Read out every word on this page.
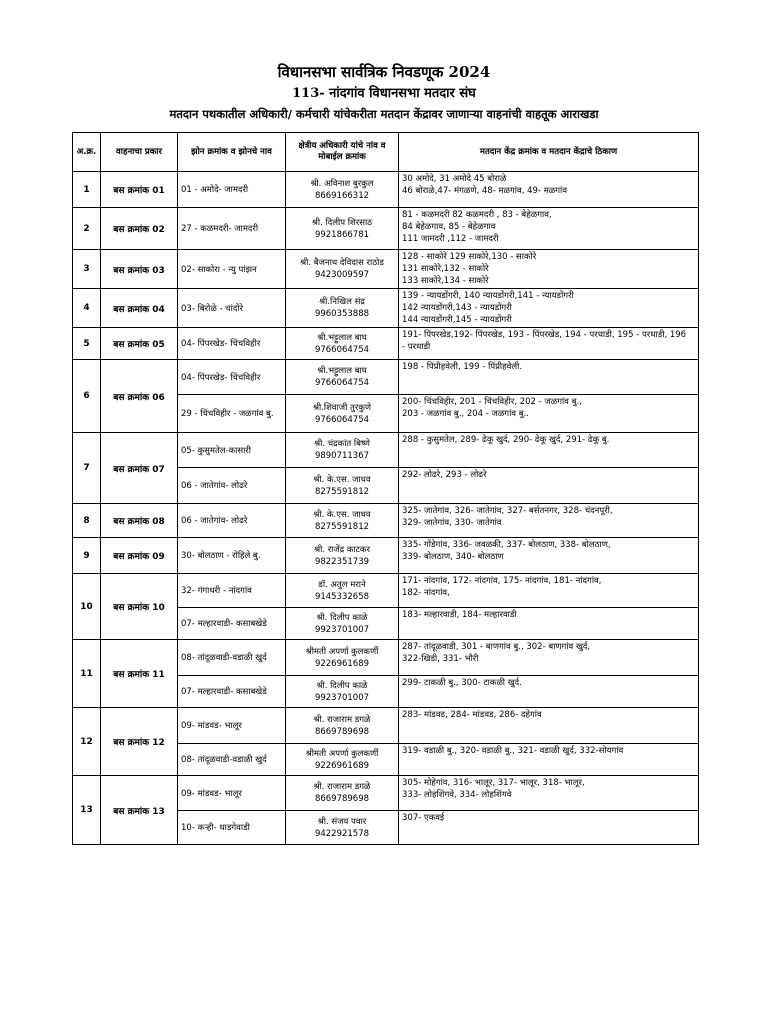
विधानसभा सार्वत्रिक निवडणूक 2024
113- नांदगांव विधानसभा मतदार संघ
मतदान पथकातील अधिकारी/ कर्मचारी यांचेकरीता मतदान केंद्रावर जाणाऱ्या वाहनांची वाहतूक आराखडा
अ.क्र.	वाहनाचा प्रकार	झोन क्रमांक व झोनचे नाव	क्षेत्रीय अधिकारी यांचे नांव व मोबाईल क्रमांक	मतदान केंद्र क्रमांक व मतदान केंद्राचे ठिकाण
1	बस क्रमांक 01	01 - अमोदे- जामदरी	श्री. अविनाश बुरकुल
8669166312	30 अमोदे, 31 अमोदे 45 बोराळे
46 बोराळे,47- मंगळणे, 48- मळगांव, 49- मळगांव

2	बस क्रमांक 02	27 - कळमदरी- जामदरी	श्री. दिलीप शिरसाठ
9921866781	81 - कळमदरी 82 कळमदरी , 83 - बेहेळगाव,
84 बेहेळगाव, 85 - बेहेळगाव
111 जामदरी ,112 - जामदरी

3	बस क्रमांक 03	02- साकोरा - न्यु पांझन	श्री. बैजनाथ देविदास राठोड
9423009597	128 - साकोरे 129 साकोरे,130 - साकोरे
131 साकोरे,132 - साकोरे
133 साकोरे,134 - साकोरे

4	बस क्रमांक 04	03- बिरोळे - चांदोरे	श्री.निखिल संद्र
9960353888	139 - न्यायडोंगरी, 140 न्यायडोंगरी,141 - न्यायडोंगरी
142 न्यायडोंगरी,143 - न्यायडोंगरी
144 न्यायडोंगरी,145 - न्यायडोंगरी

5	बस क्रमांक 05	04- पिंपरखेड- चिंचविहीर	श्री.भट्टुलाल बाघ
9766064754	191- पिंपरखेड,192- पिंपरखेड, 193 - पिंपरखेड, 194 - परधाडी, 195 - परधाडी, 196
- परधाडी

6	बस क्रमांक 06	04- पिंपरखेड- चिंचविहीर	श्री.भट्टुलाल बाघ
9766064754	198 - पिंप्रीहवेली, 199 - पिंप्रीहवेली.

		29 - चिंचविहीर - जळगांव बु.	श्री.शिवाजी तुरकुणे
9766064754	200- चिंचविहीर, 201 - चिंचविहीर, 202 - जळगांव बु.,
203 - जळगांव बु., 204 - जळगांव बु..

7	बस क्रमांक 07	05- कुसुमतेल-कासारी	श्री. चंद्रकांत बिष्णे
9890711367	288 - कुसुमतेल, 289- ढेकू खुर्द, 290- ढेकू खुर्द, 291- ढेकू बु.

		06 - जातेगांव- लोढरे	श्री. के.एस. जाधव
8275591812	292- लोढरे, 293 - लोढरे

8	बस क्रमांक 08	06 - जातेगांव- लोढरे	श्री. के.एस. जाधव
8275591812	325- जातेगांव, 326- जातेगांव, 327- बर्सतनगर, 328- चंदनपूरी,
329- जातेगांव, 330- जातेगांव

9	बस क्रमांक 09	30- बोलठाण - रोहिले बु.	श्री. राजेंद्र काटकर
9822351739	335- गोंडेगांव, 336- जवळकी, 337- बोलठाण, 338- बोलठाण,
339- बोलठाण, 340- बोलठाण

10	बस क्रमांक 10	32- गंगाधरी - नांदगांव	डॉ. अतुल मराने
9145332658	171- नांदगांव, 172- नांदगांव, 175- नांदगांव, 181- नांदगांव,
182- नांदगांव,

		07- मल्हारवाडी- कसाबखेडे	श्री. दिलीप काळे
9923701007	183- मल्हारवाडी, 184- मल्हारवाडी

11	बस क्रमांक 11	08- तांदूळवाडी-वडाळी खुर्द	श्रीमती अपर्णा कुलकर्णी
9226961689	287- तांदूळवाडी, 301 - बाणगांव बु., 302- बाणगांव खुर्द,
322-खिडी, 331- भौरी

		07- मल्हारवाडी- कसाबखेडे	श्री. दिलीप काळे
9923701007	299- टाकळी बु., 300- टाकळी खुर्द.

12	बस क्रमांक 12	09- मांडवड- भालूर	श्री. राजाराम डगळे
8669789698	283- मांडवड, 284- मांडवड, 286- दहेगांव

		08- तांदूळवाडी-वडाळी खुर्द	श्रीमती अपर्णा कुलकर्णी
9226961689	319- वडाळी बु., 320- वडाळी बु., 321- वडाळी खुर्द, 332-सोयगांव

13	बस क्रमांक 13	09- मांडवड- भालूर	श्री. राजाराम डगळे
8669789698	305- मोहेगांव, 316- भालूर, 317- भालूर, 318- भालूर,
333- लोहशिंगवे, 334- लोहशिंगवे

		10- कऱ्ही- धाडगेवाडी	श्री. संजय पवार
9422921578	307- एकवई
